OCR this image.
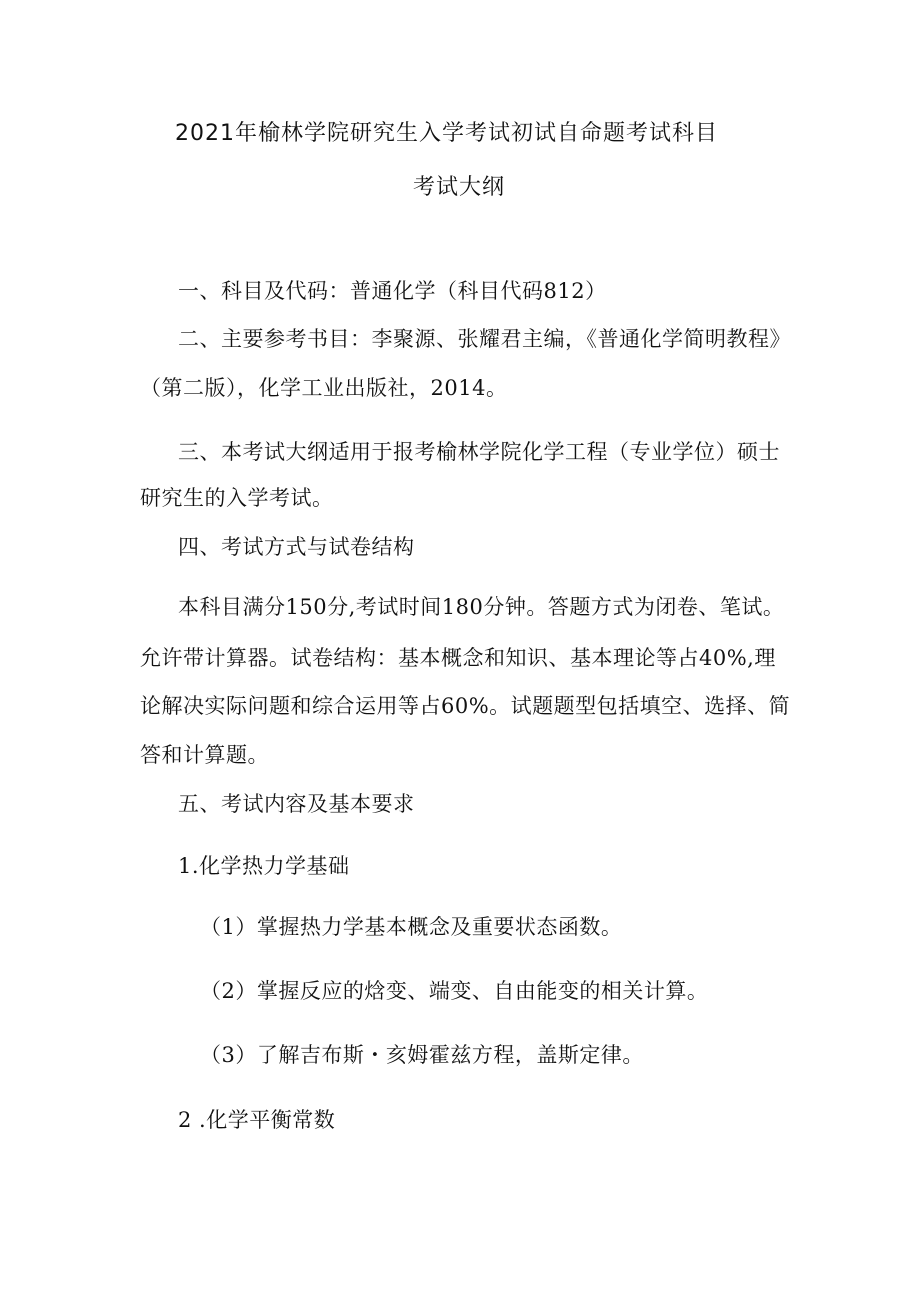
2021年榆林学院研究生入学考试初试自命题考试科目
考试大纲
一、科目及代码：普通化学（科目代码812）
二、主要参考书目：李聚源、张耀君主编，《普通化学简明教程》
（第二版），化学工业出版社，2014。
三、本考试大纲适用于报考榆林学院化学工程（专业学位）硕士
研究生的入学考试。
四、考试方式与试卷结构
本科目满分150分,考试时间180分钟。答题方式为闭卷、笔试。
允许带计算器。试卷结构：基本概念和知识、基本理论等占40%,理
论解决实际问题和综合运用等占60%。试题题型包括填空、选择、简
答和计算题。
五、考试内容及基本要求
1.化学热力学基础
（1）掌握热力学基本概念及重要状态函数。
（2）掌握反应的焓变、端变、自由能变的相关计算。
（3）了解吉布斯・亥姆霍兹方程，盖斯定律。
2 .化学平衡常数
